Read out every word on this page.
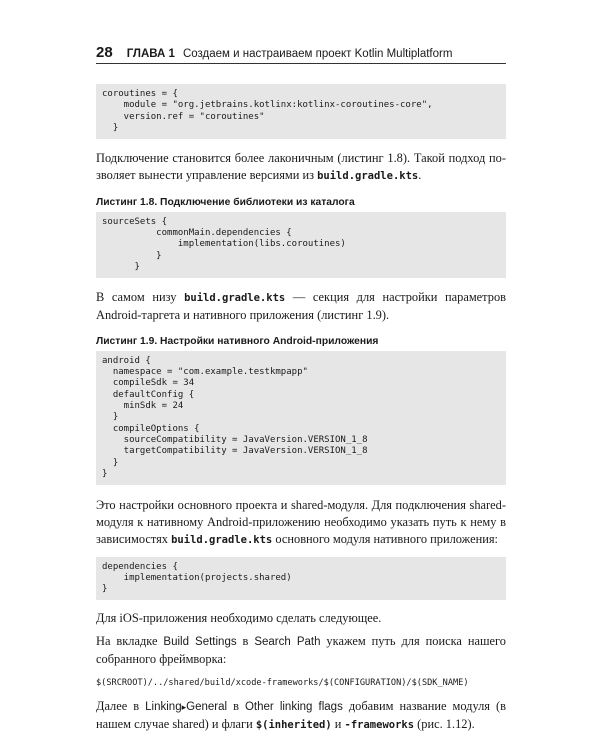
28 ГЛАВА 1 Создаем и настраиваем проект Kotlin Multiplatform
coroutines = {
module = "org.jetbrains.kotlinx:kotlinx-coroutines-core",
version.ref = "coroutines"
}

Подключение становится более лаконичным (листинг 1.8). Такой подход позволяет вынести управление версиями из build.gradle.kts.

Листинг 1.8. Подключение библиотеки из каталога

sourceSets {
commonMain.dependencies {
implementation(libs.coroutines)
}
}

В самом низу build.gradle.kts — секция для настройки параметров Android-таргета и нативного приложения (листинг 1.9).

Листинг 1.9. Настройки нативного Android-приложения

android {
namespace = "com.example.testkmpapp"
compileSdk = 34
defaultConfig {
minSdk = 24
}
compileOptions {
sourceCompatibility = JavaVersion.VERSION_1_8
targetCompatibility = JavaVersion.VERSION_1_8
}
}

Это настройки основного проекта и shared-модуля. Для подключения shared-модуля к нативному Android-приложению необходимо указать путь к нему в зависимостях build.gradle.kts основного модуля нативного приложения:

dependencies {
implementation(projects.shared)
}

Для iOS-приложения необходимо сделать следующее.

На вкладке Build Settings в Search Path укажем путь для поиска нашего собранного фреймворка:

$(SRCROOT)/../shared/build/xcode-frameworks/$(CONFIGURATION)/$(SDK_NAME)

Далее в Linking▸General в Other linking flags добавим название модуля (в нашем случае shared) и флаги $(inherited) и -frameworks (рис. 1.12).
